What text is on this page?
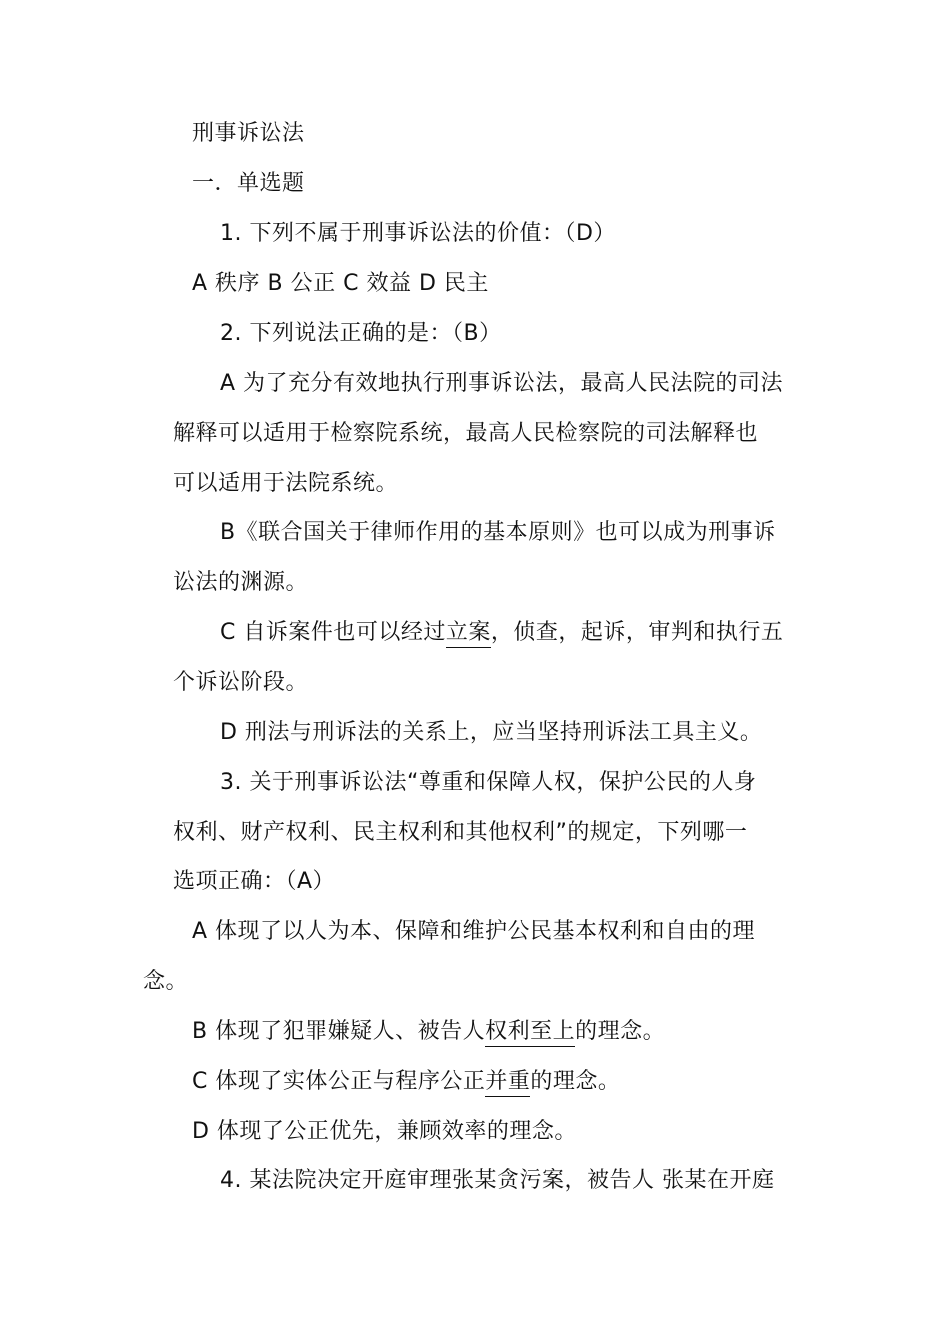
刑事诉讼法
一．单选题
1. 下列不属于刑事诉讼法的价值：（D）
A 秩序 B 公正 C 效益 D 民主
2. 下列说法正确的是：（B）
A 为了充分有效地执行刑事诉讼法，最高人民法院的司法
解释可以适用于检察院系统，最高人民检察院的司法解释也
可以适用于法院系统。
B《联合国关于律师作用的基本原则》也可以成为刑事诉
讼法的渊源。
C 自诉案件也可以经过立案，侦查，起诉，审判和执行五
个诉讼阶段。
D 刑法与刑诉法的关系上，应当坚持刑诉法工具主义。
3. 关于刑事诉讼法“尊重和保障人权，保护公民的人身
权利、财产权利、民主权利和其他权利”的规定，下列哪一
选项正确：（A）
A 体现了以人为本、保障和维护公民基本权利和自由的理
念。
B 体现了犯罪嫌疑人、被告人权利至上的理念。
C 体现了实体公正与程序公正并重的理念。
D 体现了公正优先，兼顾效率的理念。
4. 某法院决定开庭审理张某贪污案，被告人 张某在开庭
